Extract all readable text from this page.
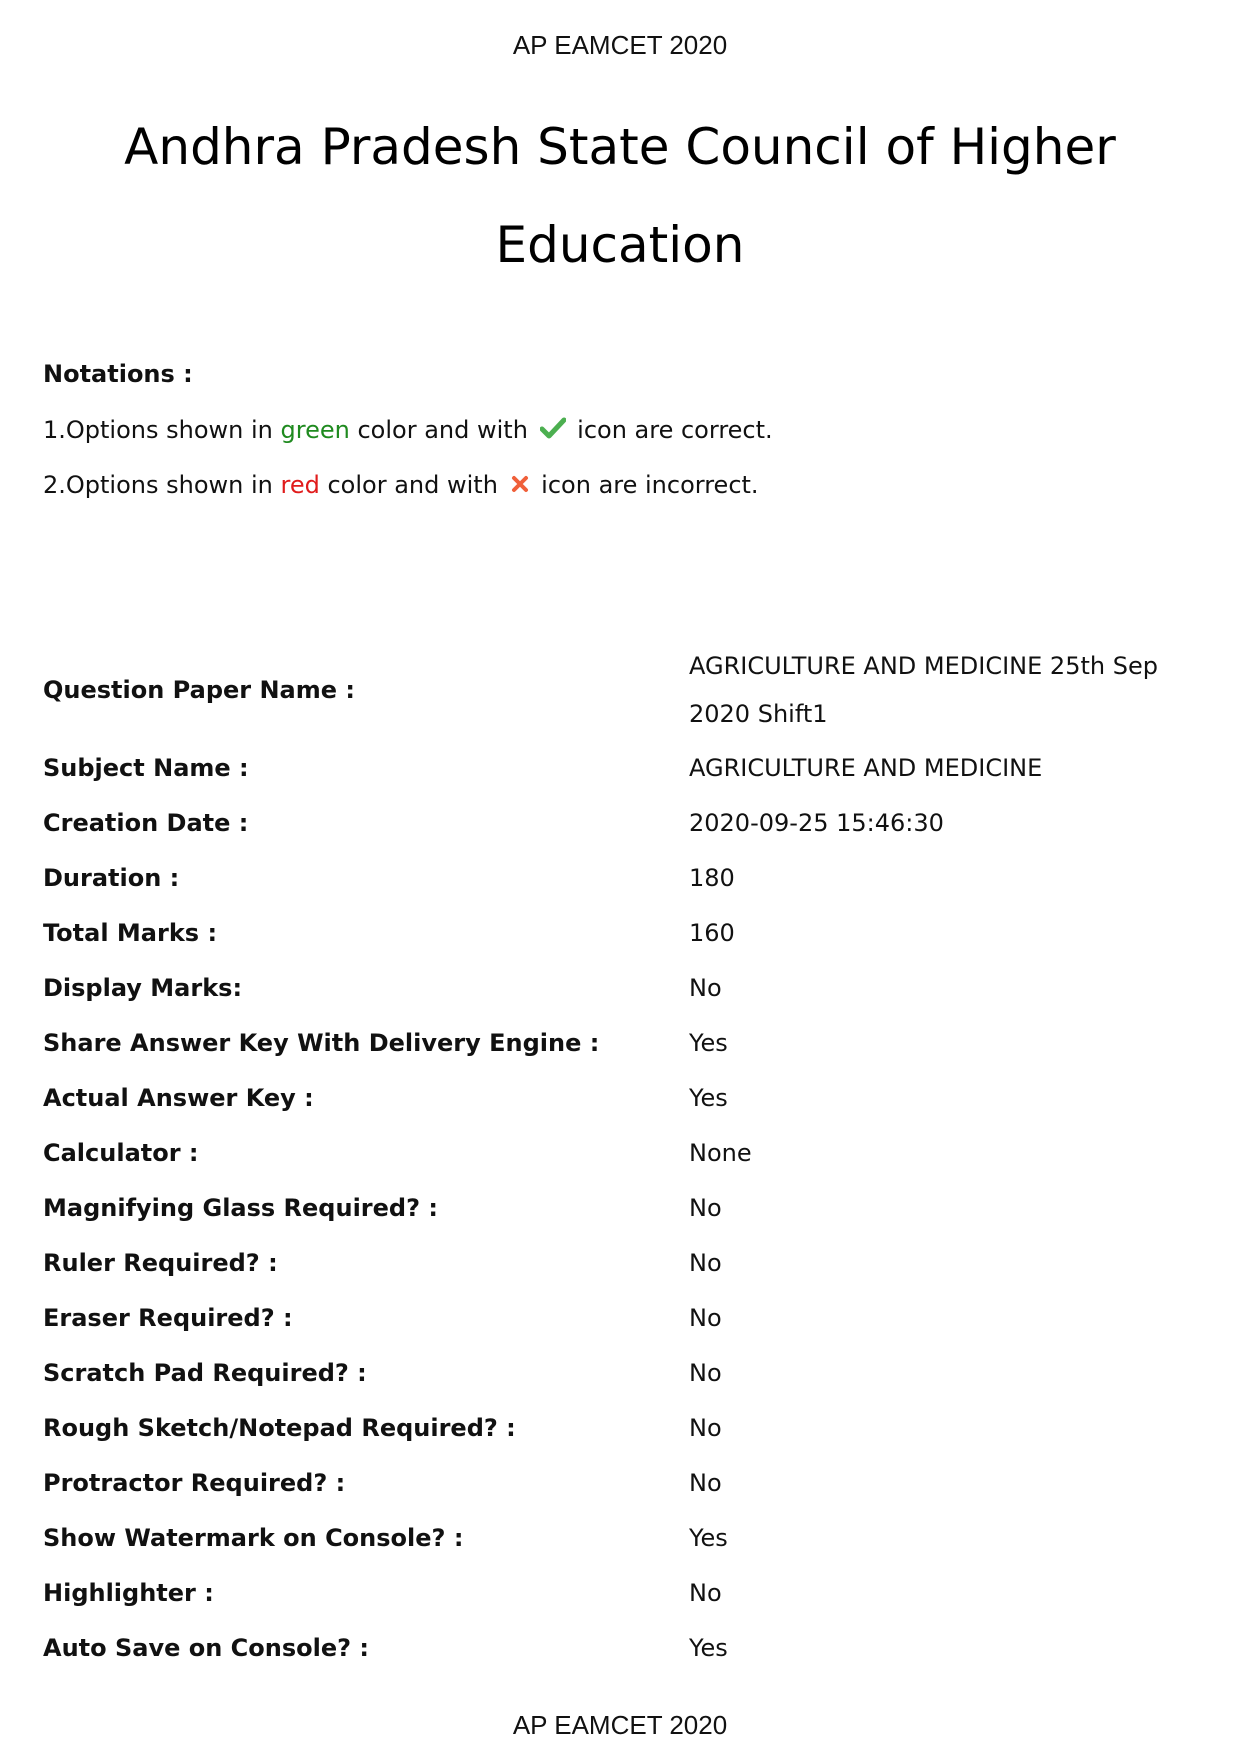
AP EAMCET 2020
Andhra Pradesh State Council of Higher Education
Notations :
1.Options shown in green color and with  icon are correct.
2.Options shown in red color and with  icon are incorrect.
Question Paper Name :
AGRICULTURE AND MEDICINE 25th Sep 2020 Shift1
Subject Name :	AGRICULTURE AND MEDICINE
Creation Date :	2020-09-25 15:46:30
Duration :	180
Total Marks :	160
Display Marks:	No
Share Answer Key With Delivery Engine :	Yes
Actual Answer Key :	Yes
Calculator :	None
Magnifying Glass Required? :	No
Ruler Required? :	No
Eraser Required? :	No
Scratch Pad Required? :	No
Rough Sketch/Notepad Required? :	No
Protractor Required? :	No
Show Watermark on Console? :	Yes
Highlighter :	No
Auto Save on Console? :	Yes
AP EAMCET 2020
